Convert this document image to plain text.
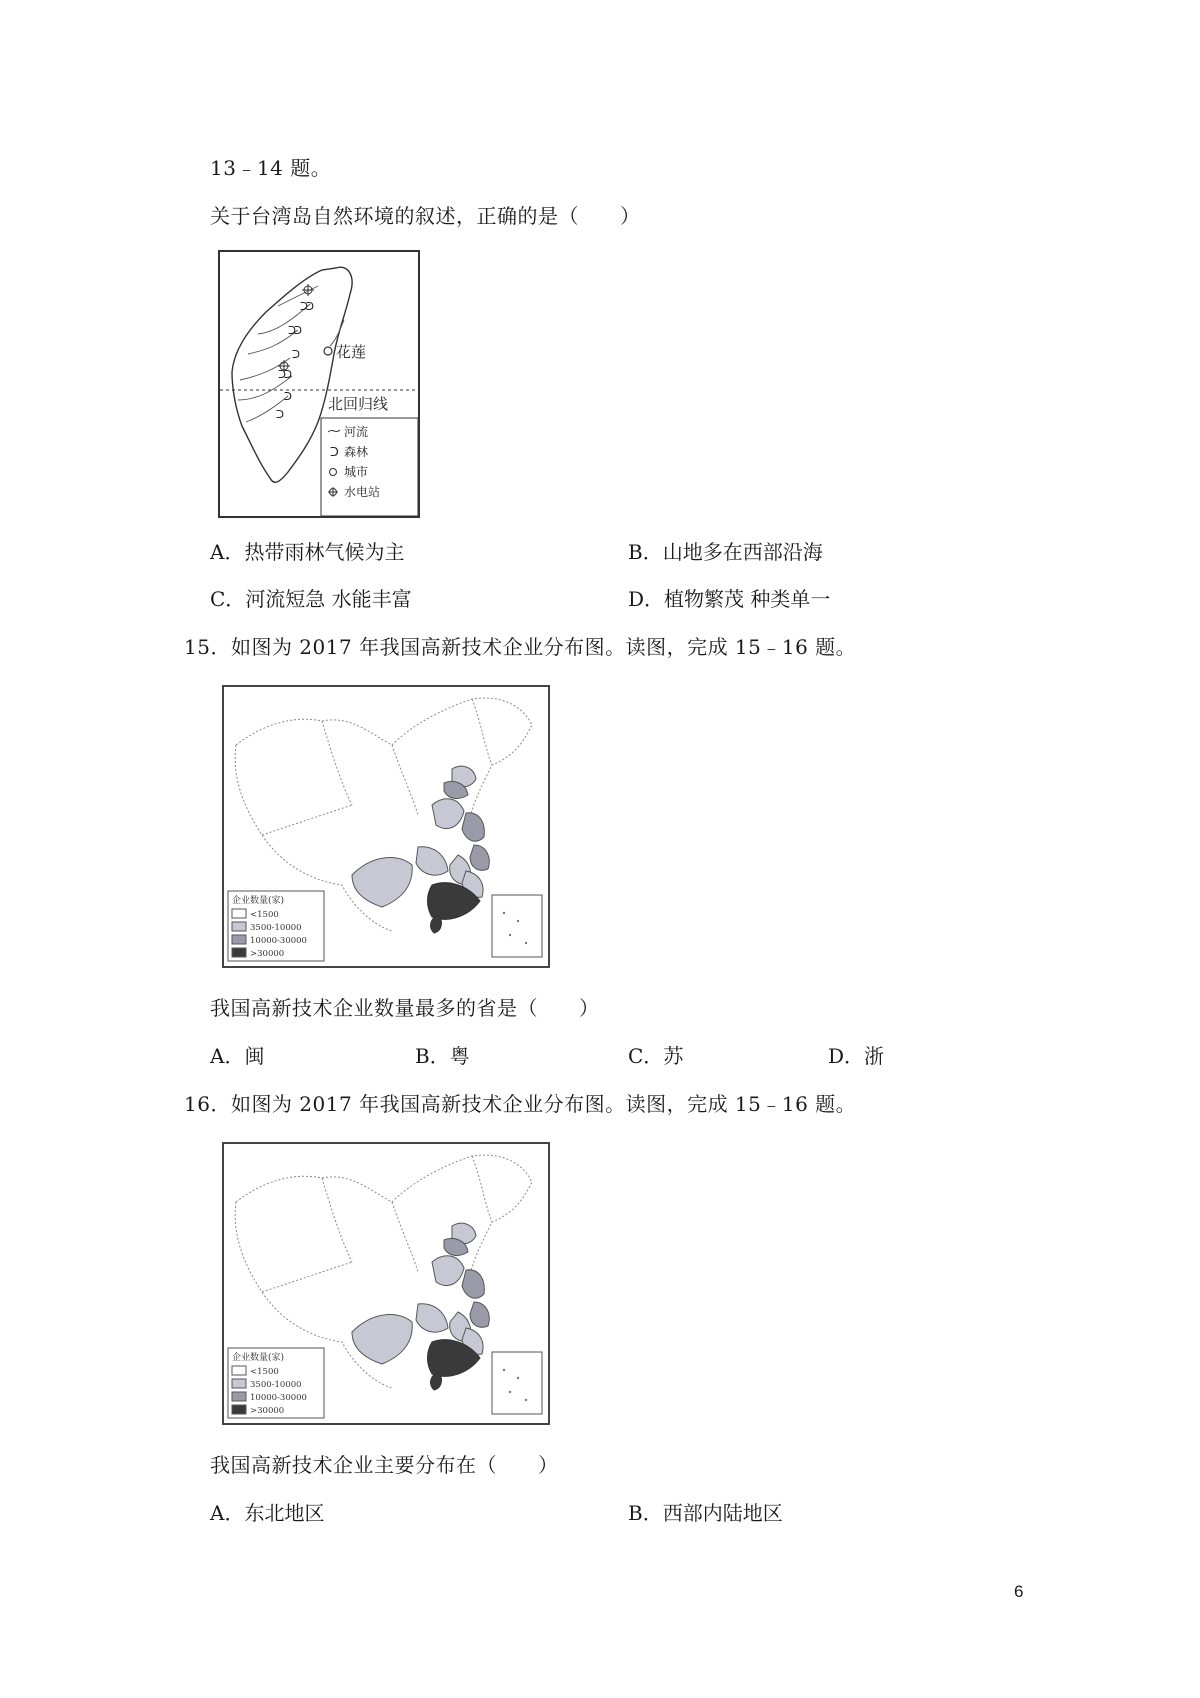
13﹣14 题。
关于台湾岛自然环境的叙述，正确的是（　　）
ᑐ
ᑐ
ᑐ
ᑐ
ᑐ
ᑐ
ᑐ
ᑐ
ᑐ
花莲
北回归线
河流
ᑐ 森林
城市
水电站
A．热带雨林气候为主	B．山地多在西部沿海
C．河流短急 水能丰富	D．植物繁茂 种类单一
15．如图为 2017 年我国高新技术企业分布图。读图，完成 15﹣16 题。
企业数量(家)
<1500
3500-10000
10000-30000
>30000
我国高新技术企业数量最多的省是（　　）
A．闽	B．粤	C．苏	D．浙
16．如图为 2017 年我国高新技术企业分布图。读图，完成 15﹣16 题。
企业数量(家)
<1500
3500-10000
10000-30000
>30000
我国高新技术企业主要分布在（　　）
A．东北地区	B．西部内陆地区
6
